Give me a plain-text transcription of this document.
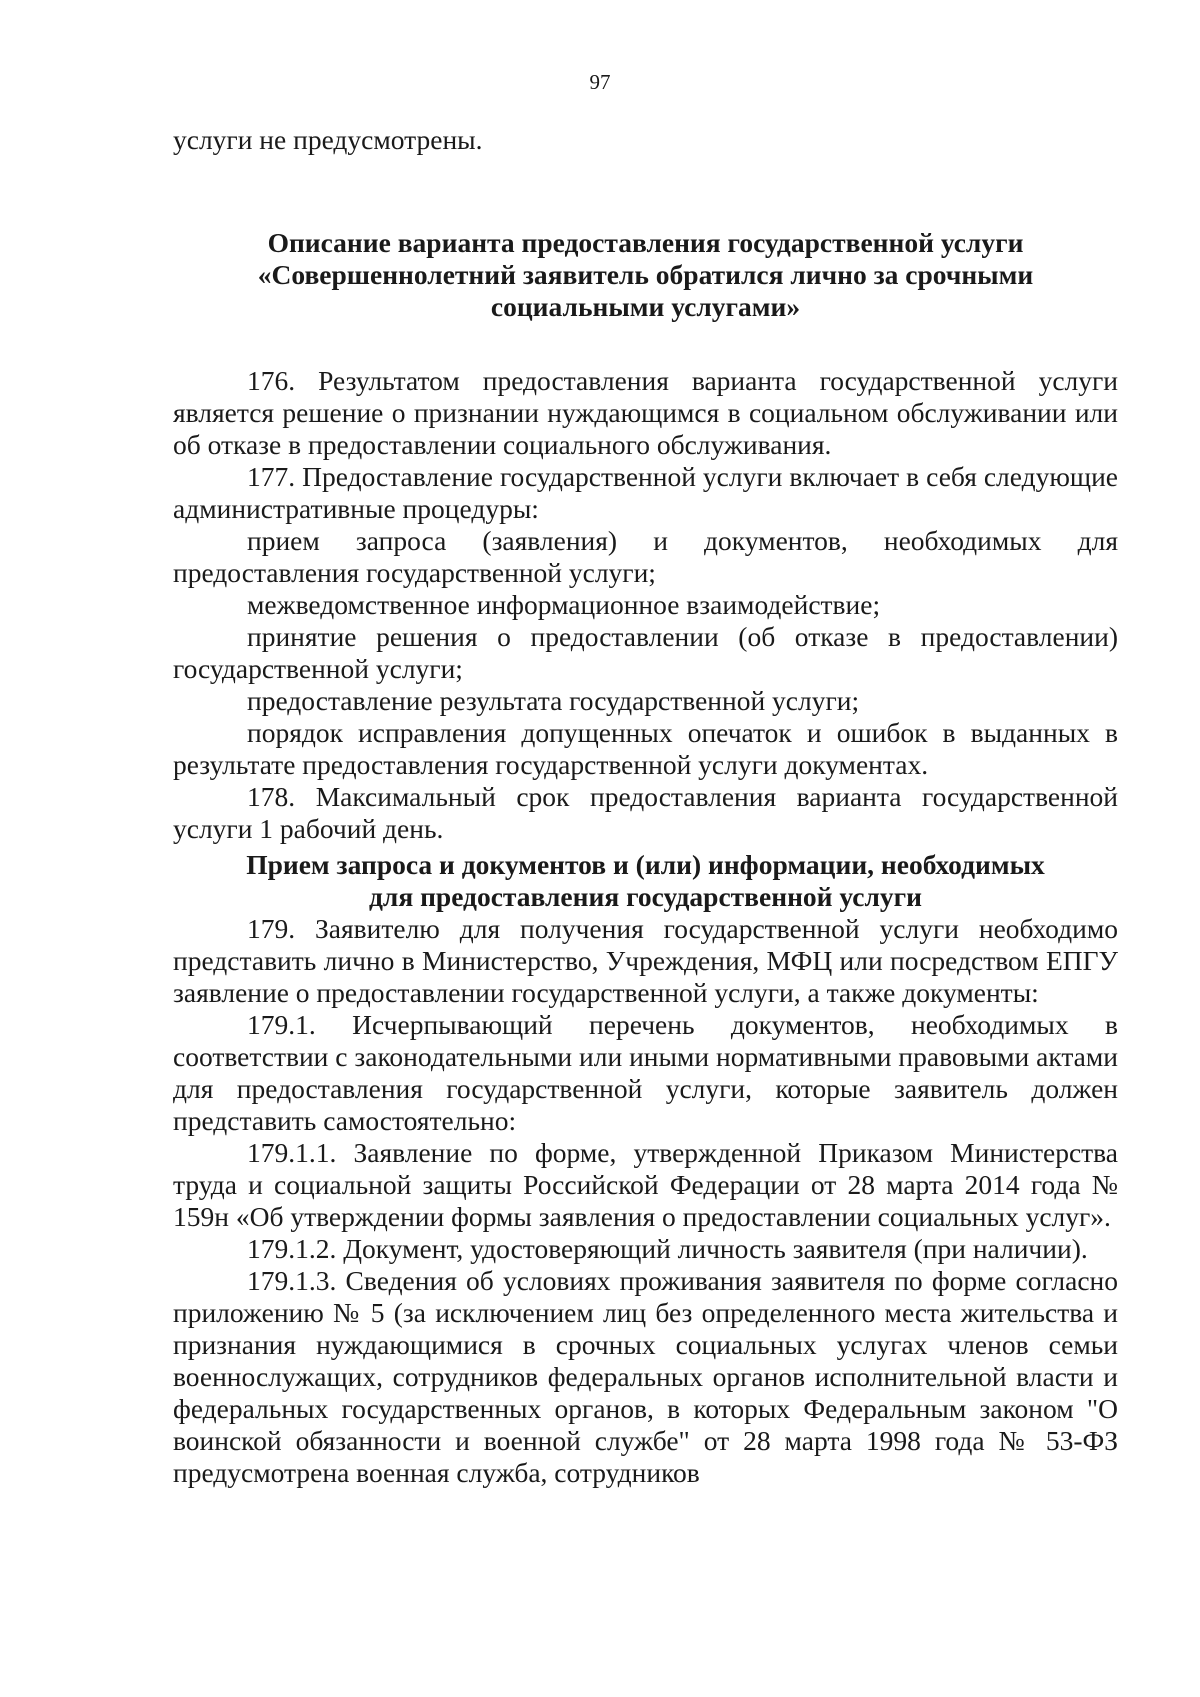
97

услуги не предусмотрены.

Описание варианта предоставления государственной услуги
«Совершеннолетний заявитель обратился лично за срочными
социальными услугами»

176. Результатом предоставления варианта государственной услуги является решение о признании нуждающимся в социальном обслуживании или об отказе в предоставлении социального обслуживания.

177. Предоставление государственной услуги включает в себя следующие административные процедуры:

прием запроса (заявления) и документов, необходимых для предоставления государственной услуги;

межведомственное информационное взаимодействие;

принятие решения о предоставлении (об отказе в предоставлении) государственной услуги;

предоставление результата государственной услуги;

порядок исправления допущенных опечаток и ошибок в выданных в результате предоставления государственной услуги документах.

178. Максимальный срок предоставления варианта государственной услуги 1 рабочий день.

Прием запроса и документов и (или) информации, необходимых
для предоставления государственной услуги

179. Заявителю для получения государственной услуги необходимо представить лично в Министерство, Учреждения, МФЦ или посредством ЕПГУ заявление о предоставлении государственной услуги, а также документы:

179.1. Исчерпывающий перечень документов, необходимых в соответствии с законодательными или иными нормативными правовыми актами для предоставления государственной услуги, которые заявитель должен представить самостоятельно:

179.1.1. Заявление по форме, утвержденной Приказом Министерства труда и социальной защиты Российской Федерации от 28 марта 2014 года № 159н «Об утверждении формы заявления о предоставлении социальных услуг».

179.1.2. Документ, удостоверяющий личность заявителя (при наличии).

179.1.3. Сведения об условиях проживания заявителя по форме согласно приложению № 5 (за исключением лиц без определенного места жительства и признания нуждающимися в срочных социальных услугах членов семьи военнослужащих, сотрудников федеральных органов исполнительной власти и федеральных государственных органов, в которых Федеральным законом "О воинской обязанности и военной службе" от 28 марта 1998 года № 53-ФЗ предусмотрена военная служба, сотрудников
